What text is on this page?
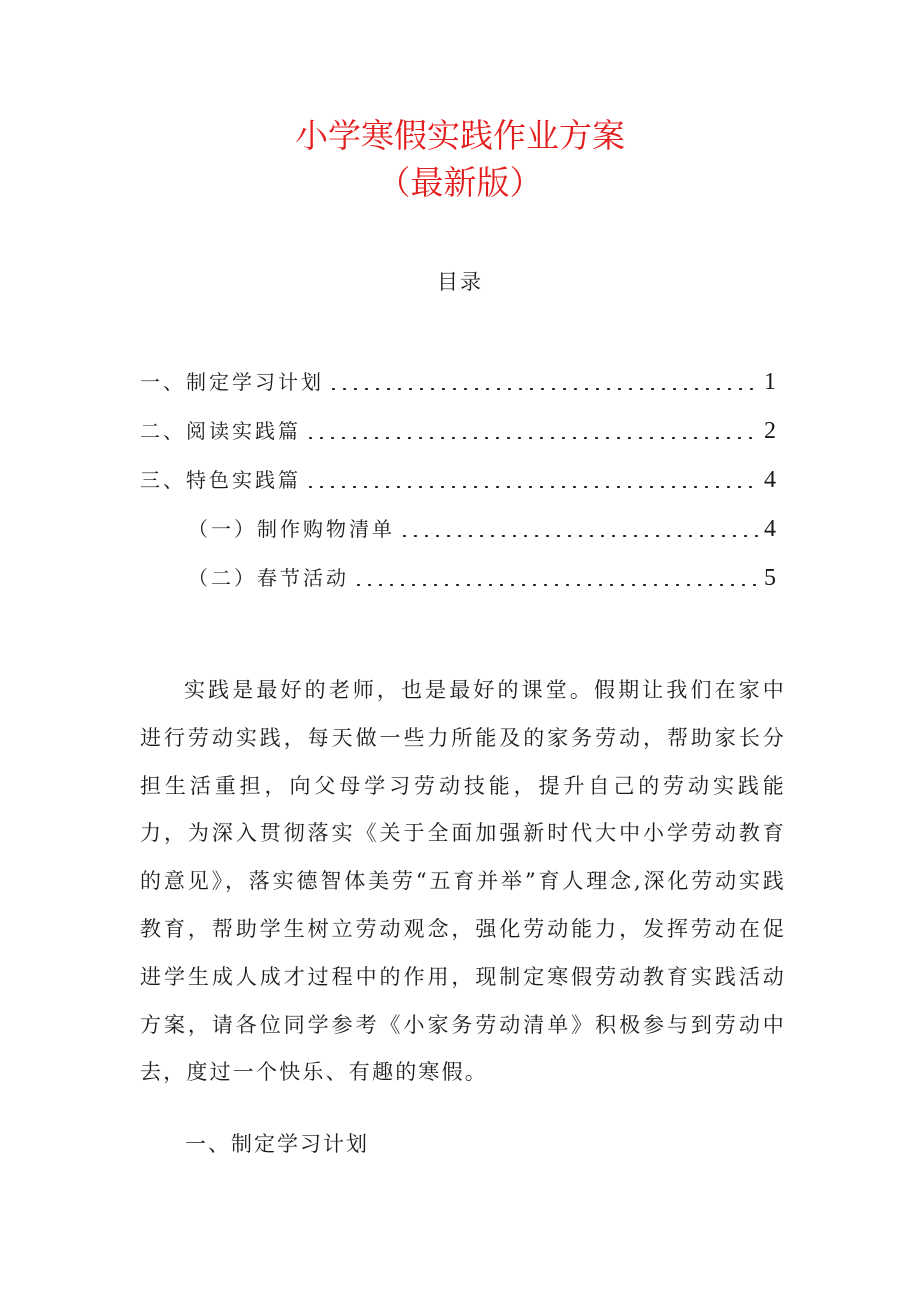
小学寒假实践作业方案
（最新版）
目录
一、制定学习计划	1
二、阅读实践篇	2
三、特色实践篇	4
（一）制作购物清单	4
（二）春节活动	5

实践是最好的老师，也是最好的课堂。假期让我们在家中进行劳动实践，每天做一些力所能及的家务劳动，帮助家长分担生活重担，向父母学习劳动技能，提升自己的劳动实践能力，为深入贯彻落实《关于全面加强新时代大中小学劳动教育的意见》，落实德智体美劳“五育并举”育人理念,深化劳动实践教育，帮助学生树立劳动观念，强化劳动能力，发挥劳动在促进学生成人成才过程中的作用，现制定寒假劳动教育实践活动方案，请各位同学参考《小家务劳动清单》积极参与到劳动中去，度过一个快乐、有趣的寒假。

一、制定学习计划
